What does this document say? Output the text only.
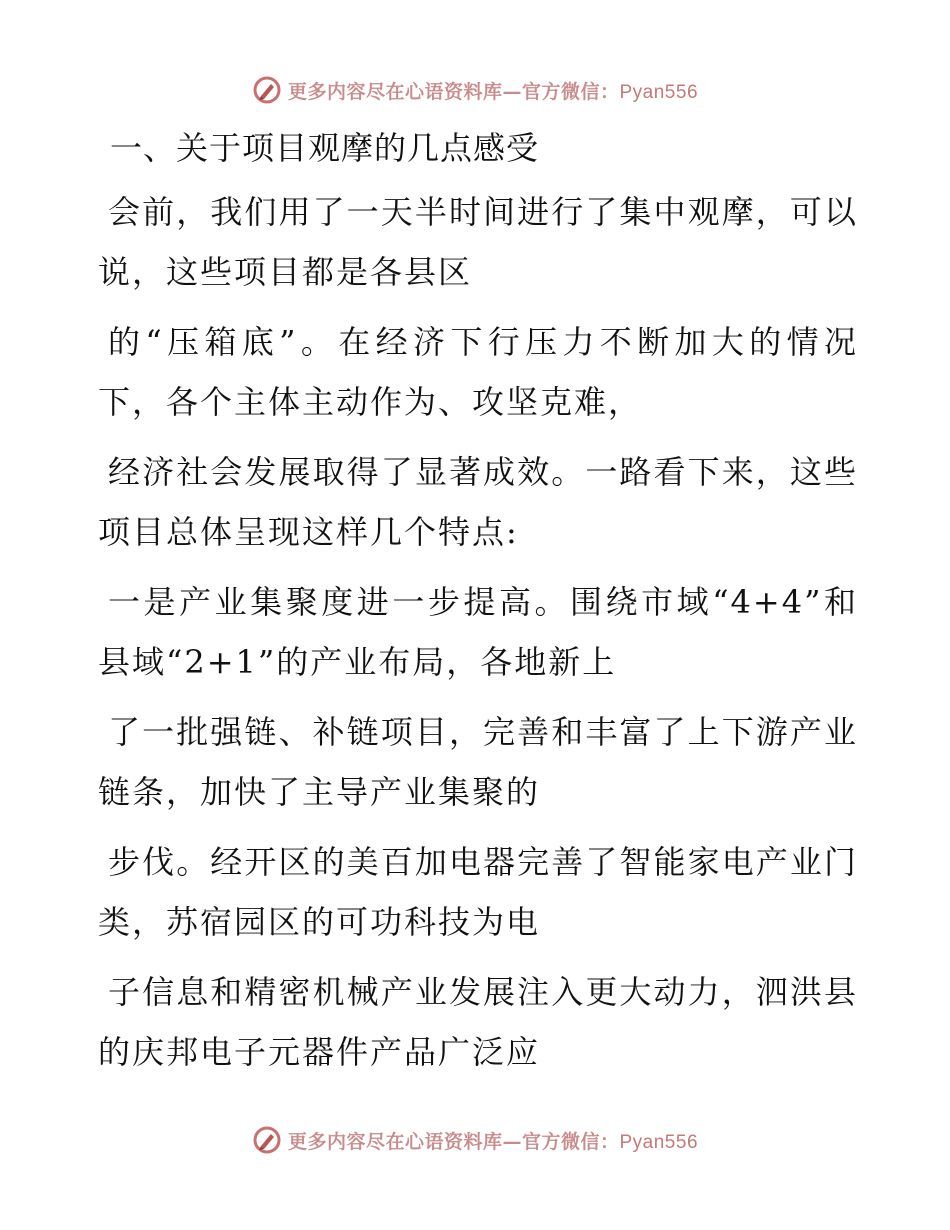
更多内容尽在心语资料库—官方微信：Pyan556
一、关于项目观摩的几点感受

会前，我们用了一天半时间进行了集中观摩，可以说，这些项目都是各县区

的“压箱底”。在经济下行压力不断加大的情况下，各个主体主动作为、攻坚克难，

经济社会发展取得了显著成效。一路看下来，这些项目总体呈现这样几个特点:

一是产业集聚度进一步提高。围绕市域“4+4”和县域“2+1”的产业布局，各地新上

了一批强链、补链项目，完善和丰富了上下游产业链条，加快了主导产业集聚的

步伐。经开区的美百加电器完善了智能家电产业门类，苏宿园区的可功科技为电

子信息和精密机械产业发展注入更大动力，泗洪县的庆邦电子元器件产品广泛应

更多内容尽在心语资料库—官方微信：Pyan556
